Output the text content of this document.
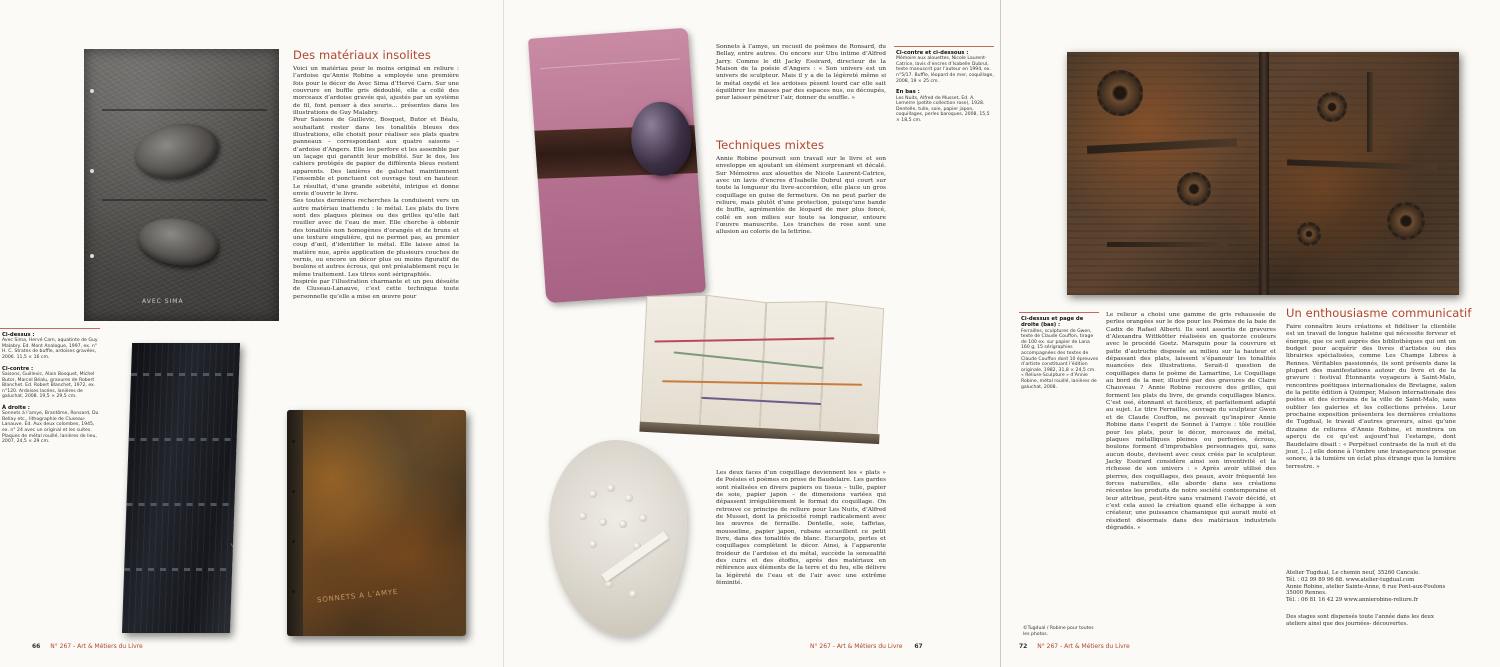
AVEC SIMA
Ci-dessus :

Avec Sima, Hervé Carn, aquatinte de Guy Malabry. Ed. Mont Analogue, 1997, ex. n° H. C. Strates de buffle, ardoises gravées, 2006. 11,5 × 16 cm.

Ci-contre :

Saisons, Guillevic, Alain Bosquet, Michel Butor, Marcel Béalu, gravures de Robert Blanchet. Ed. Robert Blanchet, 1972, ex. n°120. Ardoises lacées, lanières de galuchat, 2008. 19,5 × 29,5 cm.

À droite :

Sonnets à l’amye, Brantôme, Ronsard, Du Bellay etc., lithographie de Cluseau-Lanauve. Ed. Aux deux colombes, 1945, ex. n° 24 avec un original et les suites. Plaques de métal rouillé, lanières de lieu, 2007, 24,5 × 29 cm.

SONNETS A L’AMYE
Des matériaux insolites

Voici un matériau pour le moins original en reliure : l’ardoise qu’Annie Robine a employée une première fois pour le décor de Avec Sima d’Hervé Carn. Sur une couvrure en buffle gris dédoublé, elle a collé des morceaux d’ardoise gravée qui, ajustés par un système de fil, font penser à des souris… présentes dans les illustrations de Guy Malabry.

Pour Saisons de Guillevic, Bosquet, Butor et Béalu, souhaitant rester dans les tonalités bleues des illustrations, elle choisit pour réaliser ses plats quatre panneaux – correspondant aux quatre saisons – d’ardoise d’Angers. Elle les perfore et les assemble par un laçage qui garantit leur mobilité. Sur le dos, les cahiers protégés de papier de différents bleus restent apparents. Des lanières de galuchat maintiennent l’ensemble et ponctuent cet ouvrage tout en hauteur. Le résultat, d’une grande sobriété, intrigue et donne envie d’ouvrir le livre.

Ses toutes dernières recherches la conduisent vers un autre matériau inattendu : le métal. Les plats du livre sont des plaques pleines ou des grilles qu’elle fait rouiller avec de l’eau de mer. Elle cherche à obtenir des tonalités non homogènes d’orangés et de bruns et une texture singulière, qui ne permet pas, au premier coup d’œil, d’identifier le métal. Elle laisse ainsi la matière nue, après application de plusieurs couches de vernis, ou encore un décor plus ou moins figuratif de boulons et autres écrous, qui ont préalablement reçu le même traitement. Les titres sont sérigraphiés.

Inspirée par l’illustration charmante et un peu désuète de Cluseau-Lanauve, c’est cette technique toute personnelle qu’elle a mise en œuvre pour

66 N° 267 - Art & Métiers du Livre
Sonnets à l’amye, un recueil de poèmes de Ronsard, du Bellay, entre autres. Ou encore sur Ubu intime d’Alfred Jarry. Comme le dit Jacky Essirard, directeur de la Maison de la poésie d’Angers : « Son univers est un univers de sculpteur. Mais il y a de la légèreté même si le métal oxydé et les ardoises pèsent lourd car elle sait équilibrer les masses par des espaces nus, ou découpés, pour laisser pénétrer l’air, donner du souffle. »
Techniques mixtes
Annie Robine poursuit son travail sur le livre et son enveloppe en ajoutant un élément surprenant et décalé. Sur Mémoires aux alouettes de Nicole Laurent-Catrice, avec un lavis d’encres d’Isabelle Dubrul qui court sur toute la longueur du livre-accordéon, elle place un gros coquillage en guise de fermeture. On ne peut parler de reliure, mais plutôt d’une protection, puisqu’une bande de buffle, agrémentée de léopard de mer plus foncé, collé en son milieu sur toute sa longueur, entoure l’œuvre manuscrite. Les tranches de rose sont une allusion au coloris de la lettrine.
Les deux faces d’un coquillage deviennent les « plats » de Poésies et poèmes en prose de Baudelaire. Les gardes sont réalisées en divers papiers ou tissus – tulle, papier de soie, papier japon – de dimensions variées qui dépassent irrégulièrement le format du coquillage. On retrouve ce principe de reliure pour Les Nuits, d’Alfred de Musset, dont la préciosité rompt radicalement avec les œuvres de ferraille. Dentelle, soie, taffetas, mousseline, papier japon, rubans accueillent ce petit livre, dans des tonalités de blanc. Escargots, perles et coquillages complètent le décor. Ainsi, à l’apparente froideur de l’ardoise et du métal, succède la sensualité des cuirs et des étoffes, après des matériaux en référence aux éléments de la terre et du feu, elle délivre la légèreté de l’eau et de l’air avec une extrême féminité.
Ci-contre et ci-dessous :

Mémoire aux alouettes, Nicole Laurent-Catrice, lavis d’encres d’Isabelle Dubrul, texte manuscrit par l’auteur en 1994, ex. n°5/17. Buffle, léopard de mer, coquillage, 2008, 19 × 25 cm.

En bas :

Les Nuits, Alfred de Musset, Ed. A. Lemerre (petite collection rose), 1928. Dentelle, tulle, soie, papier japon, coquillages, perles baroques, 2008, 15,5 × 18,5 cm.

N° 267 - Art & Métiers du Livre 67
Ci-dessus et page de droite (bas) :

Ferrailles, sculptures de Gwen, texte de Claude Couffon, tirage de 100 ex. sur papier de Lana 160 g, 15 sérigraphies accompagnées des textes de Claude Couffon dont 10 épreuves d’artiste constituant l’édition originale, 1982, 31,8 × 24,5 cm. « Reliure-Sculpture » d’Annie Robine, métal rouillé, lanières de galuchat, 2008.

©Tugdual / Robine pour toutes les photos.
Le relieur a choisi une gamme de gris rehaussée de perles orangées sur le dos pour les Poèmes de la baie de Cadix de Rafael Alberti. Ils sont assortis de gravures d’Alexandra Wittkötter réalisées en quatorze couleurs avec le procédé Goetz. Marsquin pour la couvrure et patte d’autruche disposée au milieu sur la hauteur et dépassant des plats, laissent s’épanouir les tonalités nuancées des illustrations. Serait-il question de coquillages dans le poème de Lamartine, Le Coquillage au bord de la mer, illustré par des gravures de Claire Chauveau ? Annie Robine recouvre des grilles, qui forment les plats du livre, de grands coquillages blancs. C’est osé, étonnant et facétieux, et parfaitement adapté au sujet. Le titre Ferrailles, ouvrage du sculpteur Gwen et de Claude Couffon, ne pouvait qu’inspirer Annie Robine dans l’esprit de Sonnet à l’amye : tôle rouillée pour les plats, pour le décor, morceaux de métal, plaques métalliques pleines ou perforées, écrous, boulons forment d’improbables personnages qui, sans aucun doute, devisent avec ceux créés par le sculpteur. Jacky Essirard considère ainsi son inventivité et la richesse de son univers : « Après avoir utilisé des pierres, des coquillages, des peaux, avoir fréquenté les forces naturelles, elle aborde dans ses créations récentes les produits de notre société contemporaine et leur attribue, peut-être sans vraiment l’avoir décidé, et c’est cela aussi la création quand elle échappe à son créateur, une puissance chamanique qui aurait muté et résident désormais dans des matériaux industriels dégradés. »
Un enthousiasme communicatif
Faire connaître leurs créations et fidéliser la clientèle est un travail de longue haleine qui nécessite ferveur et énergie, que ce soit auprès des bibliothèques qui ont un budget pour acquérir des livres d’artistes ou des librairies spécialisées, comme Les Champs Libres à Rennes. Véritables passionnés, ils sont présents dans la plupart des manifestations autour du livre et de la gravure : festival Étonnants voyageurs à Saint-Malo, rencontres poétiques internationales de Bretagne, salon de la petite édition à Quimper, Maison internationale des poètes et des écrivains de la ville de Saint-Malo, sans oublier les galeries et les collections privées. Leur prochaine exposition présentera les dernières créations de Tugdual, le travail d’autres graveurs, ainsi qu’une dizaine de reliures d’Annie Robine, et montrera un aperçu de ce qu’est aujourd’hui l’estampe, dont Baudelaire disait : « Perpétuel contraste de la nuit et du jour, […] elle donne à l’ombre une transparence presque sonore, à la lumière un éclat plus étrange que la lumière terrestre. »

Atelier Tugdual, Le chemin neuf, 35260 Cancale.

Tél. : 02 99 89 96 68. www.atelier-tugdual.com

Annie Robine, atelier Sainte-Anne, 6 rue Pont-aux-Foulons 35000 Rennes.

Tél. : 06 81 16 42 29 www.annierobine-reliure.fr

Des stages sont dispensés toute l’année dans les deux ateliers ainsi que des journées- découvertes.
72 N° 267 - Art & Métiers du Livre
